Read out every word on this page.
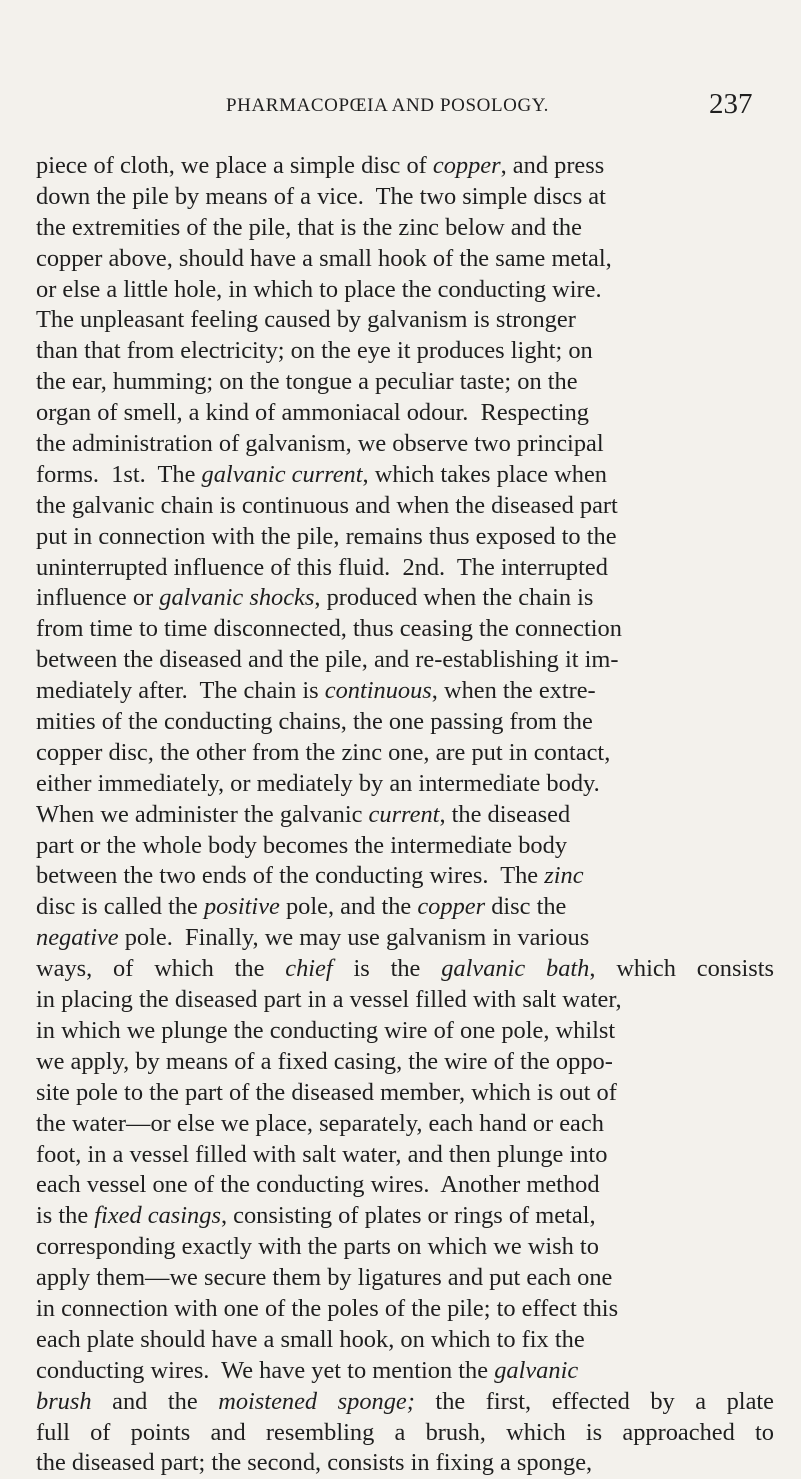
PHARMACOPŒIA AND POSOLOGY.	237
piece of cloth, we place a simple disc of copper, and press
down the pile by means of a vice.  The two simple discs at
the extremities of the pile, that is the zinc below and the
copper above, should have a small hook of the same metal,
or else a little hole, in which to place the conducting wire.
The unpleasant feeling caused by galvanism is stronger
than that from electricity; on the eye it produces light; on
the ear, humming; on the tongue a peculiar taste; on the
organ of smell, a kind of ammoniacal odour.  Respecting
the administration of galvanism, we observe two principal
forms.  1st.  The galvanic current, which takes place when
the galvanic chain is continuous and when the diseased part
put in connection with the pile, remains thus exposed to the
uninterrupted influence of this fluid.  2nd.  The interrupted
influence or galvanic shocks, produced when the chain is
from time to time disconnected, thus ceasing the connection
between the diseased and the pile, and re-establishing it im-
mediately after.  The chain is continuous, when the extre-
mities of the conducting chains, the one passing from the
copper disc, the other from the zinc one, are put in contact,
either immediately, or mediately by an intermediate body.
When we administer the galvanic current, the diseased
part or the whole body becomes the intermediate body
between the two ends of the conducting wires.  The zinc
disc is called the positive pole, and the copper disc the
negative pole.  Finally, we may use galvanism in various
ways, of which the chief is the galvanic bath, which consists
in placing the diseased part in a vessel filled with salt water,
in which we plunge the conducting wire of one pole, whilst
we apply, by means of a fixed casing, the wire of the oppo-
site pole to the part of the diseased member, which is out of
the water—or else we place, separately, each hand or each
foot, in a vessel filled with salt water, and then plunge into
each vessel one of the conducting wires.  Another method
is the fixed casings, consisting of plates or rings of metal,
corresponding exactly with the parts on which we wish to
apply them—we secure them by ligatures and put each one
in connection with one of the poles of the pile; to effect this
each plate should have a small hook, on which to fix the
conducting wires.  We have yet to mention the galvanic
brush and the moistened sponge; the first, effected by a plate
full of points and resembling a brush, which is approached to
the diseased part; the second, consists in fixing a sponge,
